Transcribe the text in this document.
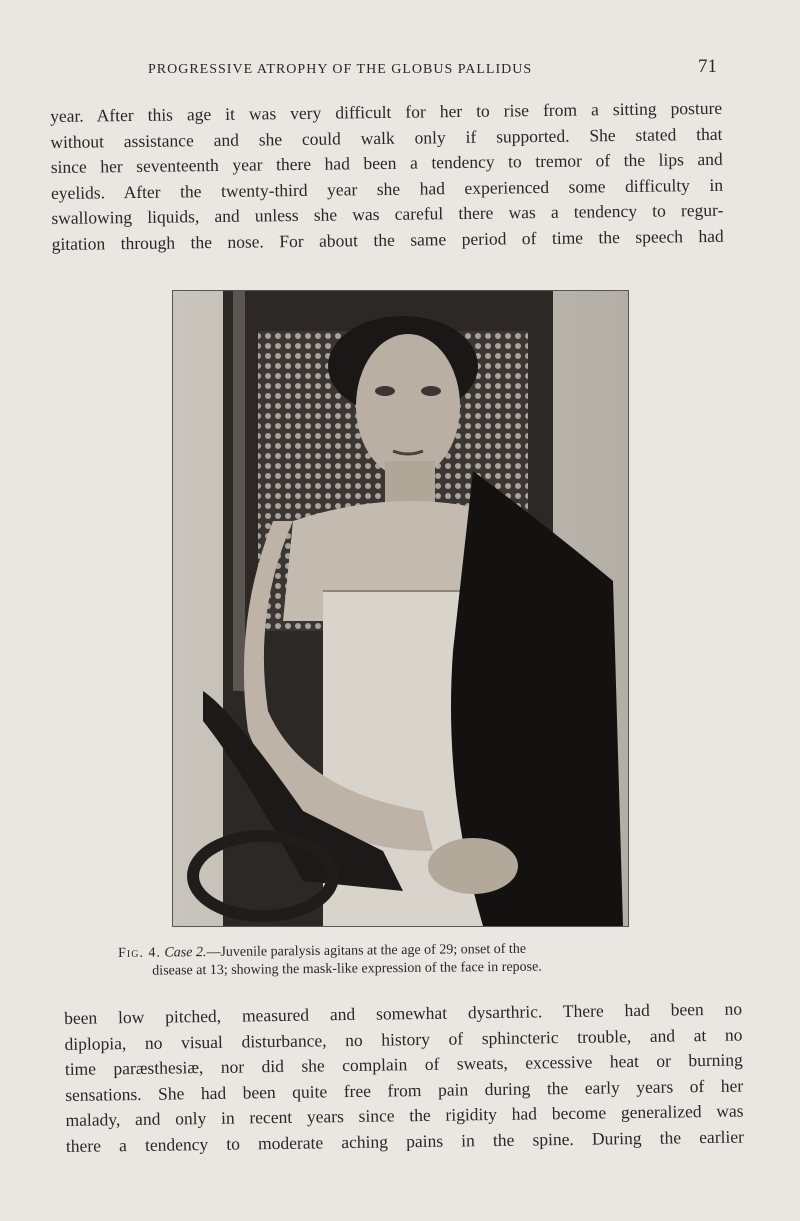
PROGRESSIVE ATROPHY OF THE GLOBUS PALLIDUS	71
year. After this age it was very difficult for her to rise from a sitting posture
without assistance and she could walk only if supported. She stated that
since her seventeenth year there had been a tendency to tremor of the lips and
eyelids. After the twenty-third year she had experienced some difficulty in
swallowing liquids, and unless she was careful there was a tendency to regur-
gitation through the nose. For about the same period of time the speech had
Fig. 4. Case 2.—Juvenile paralysis agitans at the age of 29; onset of the
disease at 13; showing the mask-like expression of the face in repose.
been low pitched, measured and somewhat dysarthric. There had been no
diplopia, no visual disturbance, no history of sphincteric trouble, and at no
time paræsthesiæ, nor did she complain of sweats, excessive heat or burning
sensations. She had been quite free from pain during the early years of her
malady, and only in recent years since the rigidity had become generalized was
there a tendency to moderate aching pains in the spine. During the earlier
